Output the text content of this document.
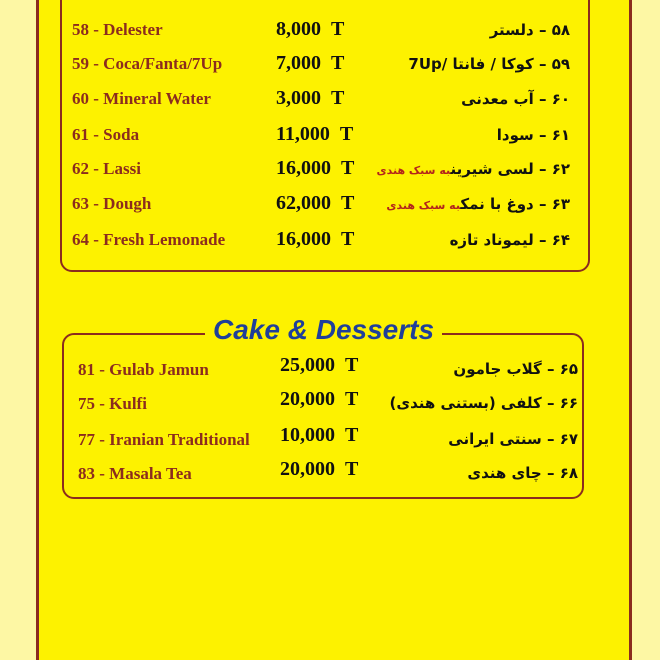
Cake & Desserts
58 - Delester	8,000 T	۵۸ – دلستر
59 - Coca/Fanta/7Up	7,000 T	۵۹ – کوکا / فانتا /7Up
60 - Mineral Water	3,000 T	۶۰ – آب معدنی
61 - Soda	11,000 T	۶۱ – سودا
62 - Lassi	16,000 T	۶۲ – لسی شیرینبه سبک هندی
63 - Dough	62,000 T	۶۳ – دوغ با نمکبه سبک هندی
64 - Fresh Lemonade	16,000 T	۶۴ – لیموناد تازه
81 - Gulab Jamun	25,000 T	۶۵ – گلاب جامون
75 - Kulfi	20,000 T ۶۶ – کلفی (بستنی هندی)
77 - Iranian Traditional 10,000 T	۶۷ – سنتی ایرانی
83 - Masala Tea	20,000 T	۶۸ – چای هندی
